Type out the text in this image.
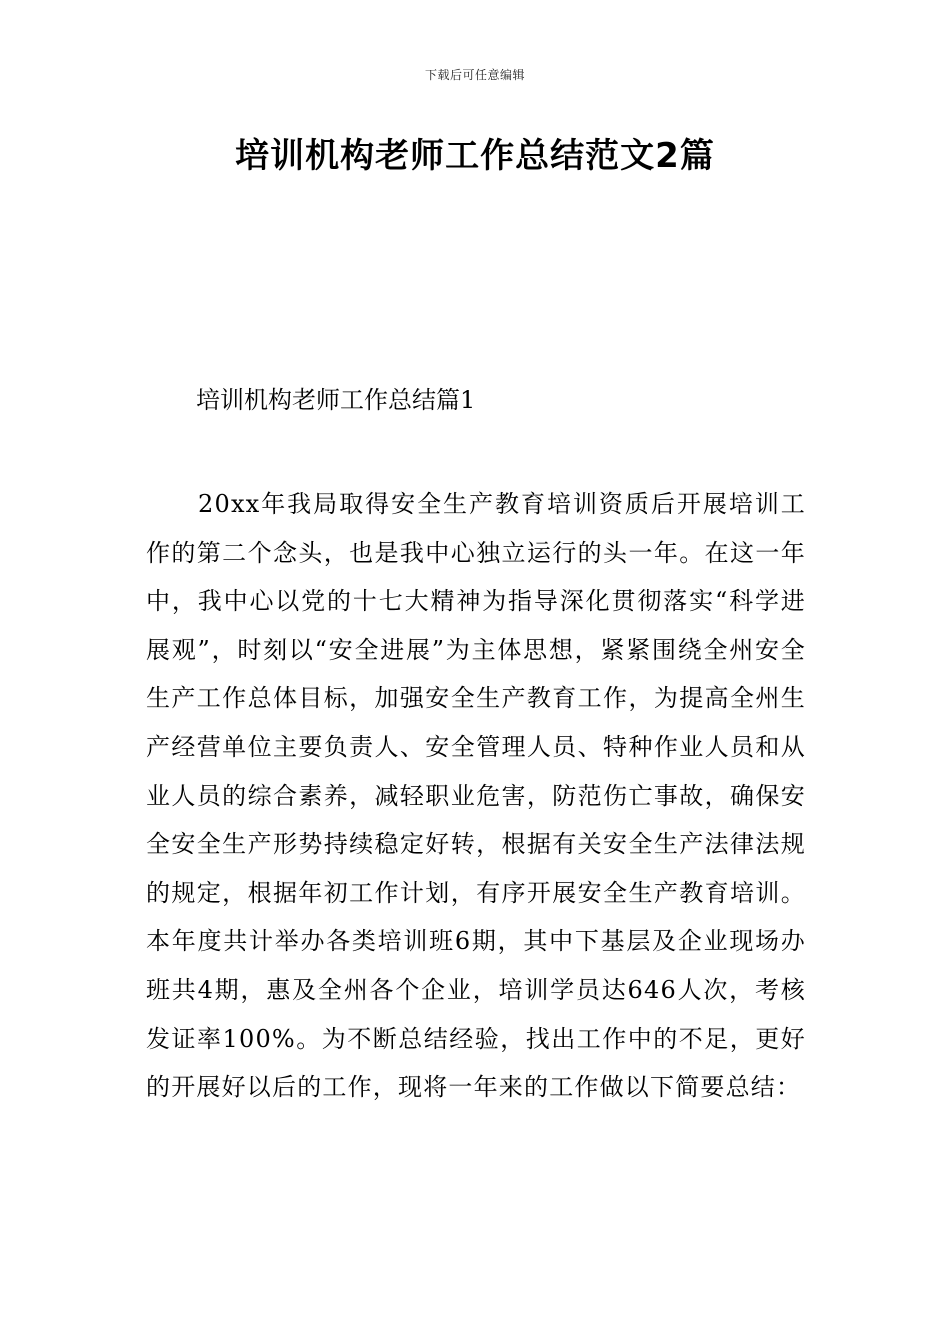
下载后可任意编辑
培训机构老师工作总结范文2篇
培训机构老师工作总结篇1

20xx年我局取得安全生产教育培训资质后开展培训工作的第二个念头，也是我中心独立运行的头一年。在这一年中，我中心以党的十七大精神为指导深化贯彻落实“科学进展观”，时刻以“安全进展”为主体思想，紧紧围绕全州安全生产工作总体目标，加强安全生产教育工作，为提高全州生产经营单位主要负责人、安全管理人员、特种作业人员和从业人员的综合素养，减轻职业危害，防范伤亡事故，确保安全安全生产形势持续稳定好转，根据有关安全生产法律法规的规定，根据年初工作计划，有序开展安全生产教育培训。本年度共计举办各类培训班6期，其中下基层及企业现场办班共4期，惠及全州各个企业，培训学员达646人次，考核发证率100%。为不断总结经验，找出工作中的不足，更好的开展好以后的工作，现将一年来的工作做以下简要总结：
